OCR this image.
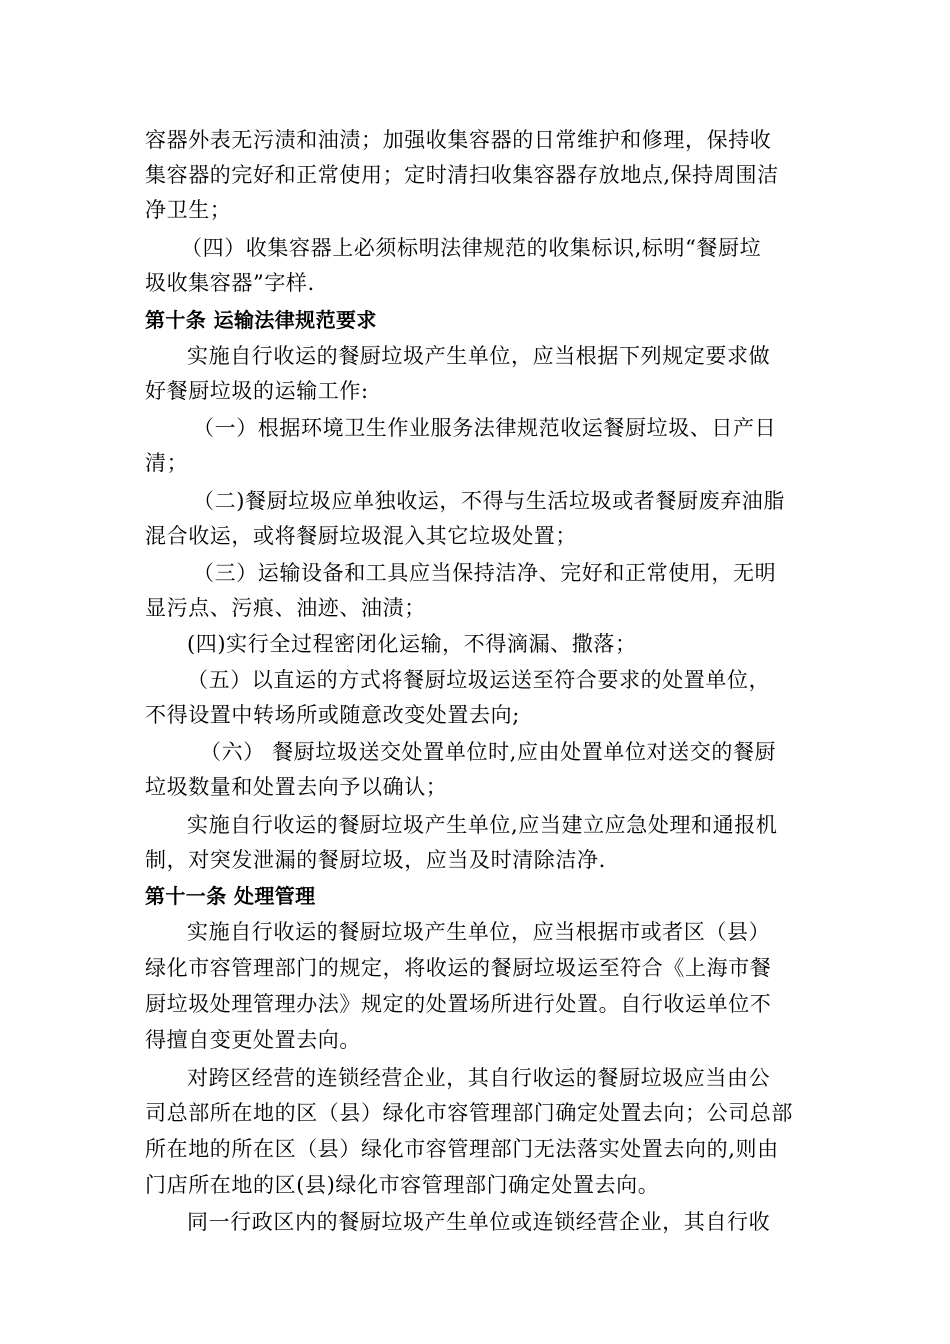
容器外表无污渍和油渍；加强收集容器的日常维护和修理，保持收
集容器的完好和正常使用；定时清扫收集容器存放地点,保持周围洁
净卫生；
（四）收集容器上必须标明法律规范的收集标识,标明“餐厨垃
圾收集容器”字样.
第十条 运输法律规范要求
实施自行收运的餐厨垃圾产生单位，应当根据下列规定要求做
好餐厨垃圾的运输工作:
（一）根据环境卫生作业服务法律规范收运餐厨垃圾、日产日
清；
（二)餐厨垃圾应单独收运，不得与生活垃圾或者餐厨废弃油脂
混合收运，或将餐厨垃圾混入其它垃圾处置；
（三）运输设备和工具应当保持洁净、完好和正常使用，无明
显污点、污痕、油迹、油渍；
(四)实行全过程密闭化运输，不得滴漏、撒落；
（五）以直运的方式将餐厨垃圾运送至符合要求的处置单位，
不得设置中转场所或随意改变处置去向;
（六） 餐厨垃圾送交处置单位时,应由处置单位对送交的餐厨
垃圾数量和处置去向予以确认；
实施自行收运的餐厨垃圾产生单位,应当建立应急处理和通报机
制，对突发泄漏的餐厨垃圾，应当及时清除洁净.
第十一条 处理管理
实施自行收运的餐厨垃圾产生单位，应当根据市或者区（县）
绿化市容管理部门的规定，将收运的餐厨垃圾运至符合《上海市餐
厨垃圾处理管理办法》规定的处置场所进行处置。自行收运单位不
得擅自变更处置去向。
对跨区经营的连锁经营企业，其自行收运的餐厨垃圾应当由公
司总部所在地的区（县）绿化市容管理部门确定处置去向；公司总部
所在地的所在区（县）绿化市容管理部门无法落实处置去向的,则由
门店所在地的区(县)绿化市容管理部门确定处置去向。
同一行政区内的餐厨垃圾产生单位或连锁经营企业，其自行收
